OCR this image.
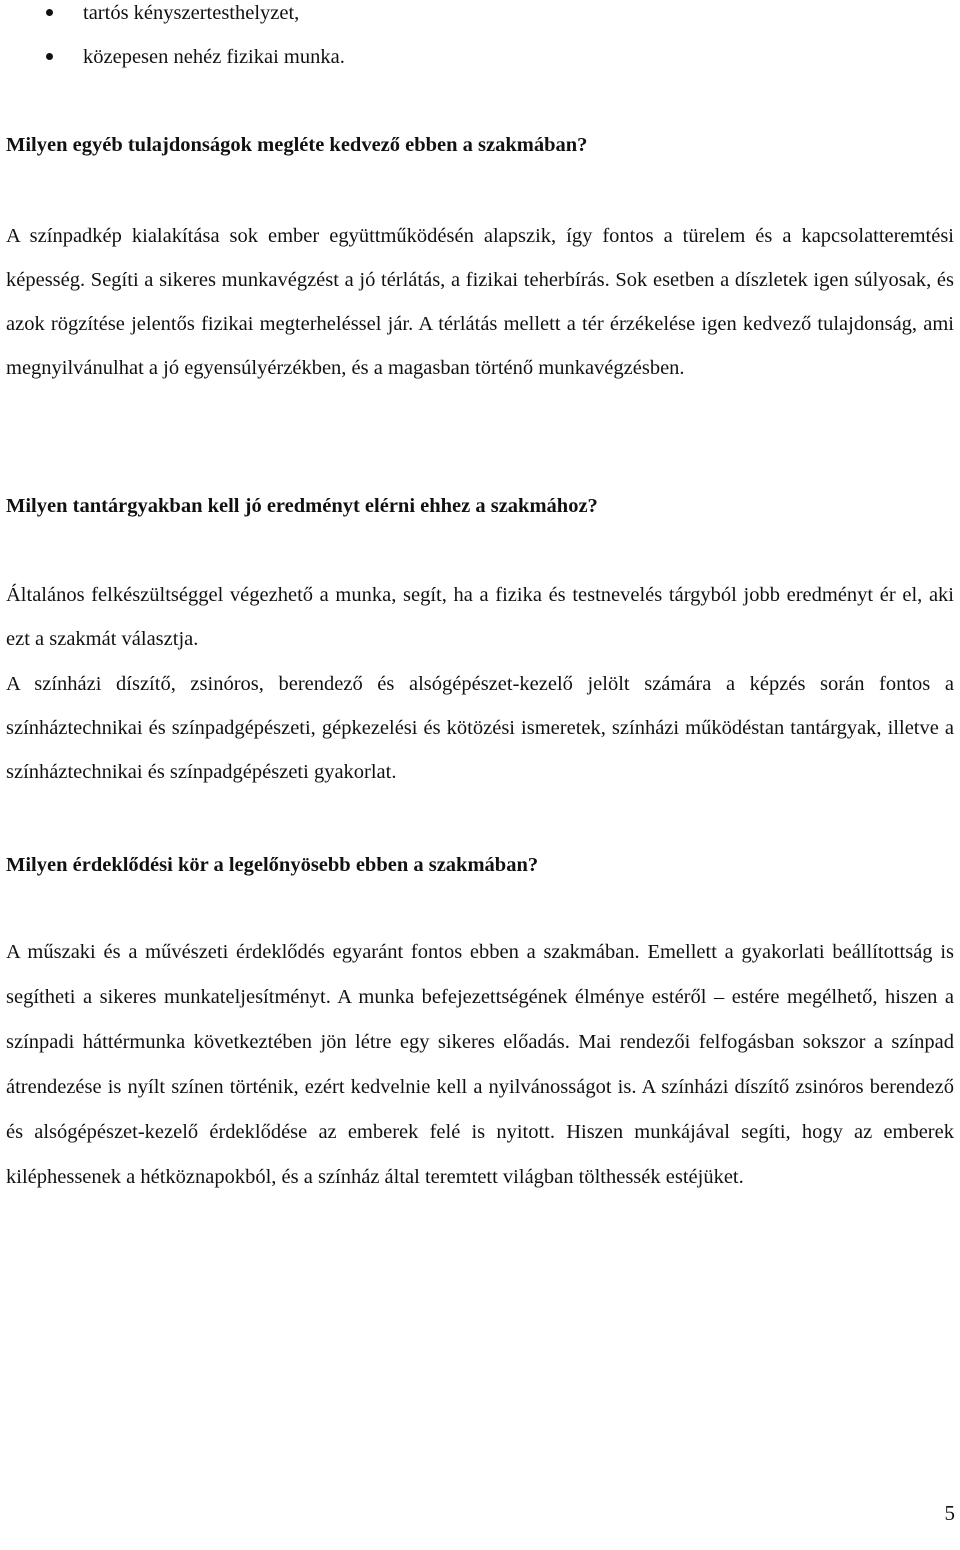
tartós kényszertesthelyzet,
közepesen nehéz fizikai munka.
Milyen egyéb tulajdonságok megléte kedvező ebben a szakmában?

A színpadkép kialakítása sok ember együttműködésén alapszik, így fontos a türelem és a kapcsolatteremtési képesség. Segíti a sikeres munkavégzést a jó térlátás, a fizikai teherbírás. Sok esetben a díszletek igen súlyosak, és azok rögzítése jelentős fizikai megterheléssel jár. A térlátás mellett a tér érzékelése igen kedvező tulajdonság, ami megnyilvánulhat a jó egyensúlyérzékben, és a magasban történő munkavégzésben.

Milyen tantárgyakban kell jó eredményt elérni ehhez a szakmához?

Általános felkészültséggel végezhető a munka, segít, ha a fizika és testnevelés tárgyból jobb eredményt ér el, aki ezt a szakmát választja.

A színházi díszítő, zsinóros, berendező és alsógépészet-kezelő jelölt számára a képzés során fontos a színháztechnikai és színpadgépészeti, gépkezelési és kötözési ismeretek, színházi működéstan tantárgyak, illetve a színháztechnikai és színpadgépészeti gyakorlat.

Milyen érdeklődési kör a legelőnyösebb ebben a szakmában?

A műszaki és a művészeti érdeklődés egyaránt fontos ebben a szakmában. Emellett a gyakorlati beállítottság is segítheti a sikeres munkateljesítményt. A munka befejezettségének élménye estéről – estére megélhető, hiszen a színpadi háttérmunka következtében jön létre egy sikeres előadás. Mai rendezői felfogásban sokszor a színpad átrendezése is nyílt színen történik, ezért kedvelnie kell a nyilvánosságot is. A színházi díszítő zsinóros berendező és alsógépészet-kezelő érdeklődése az emberek felé is nyitott. Hiszen munkájával segíti, hogy az emberek kiléphessenek a hétköznapokból, és a színház által teremtett világban tölthessék estéjüket.

5
